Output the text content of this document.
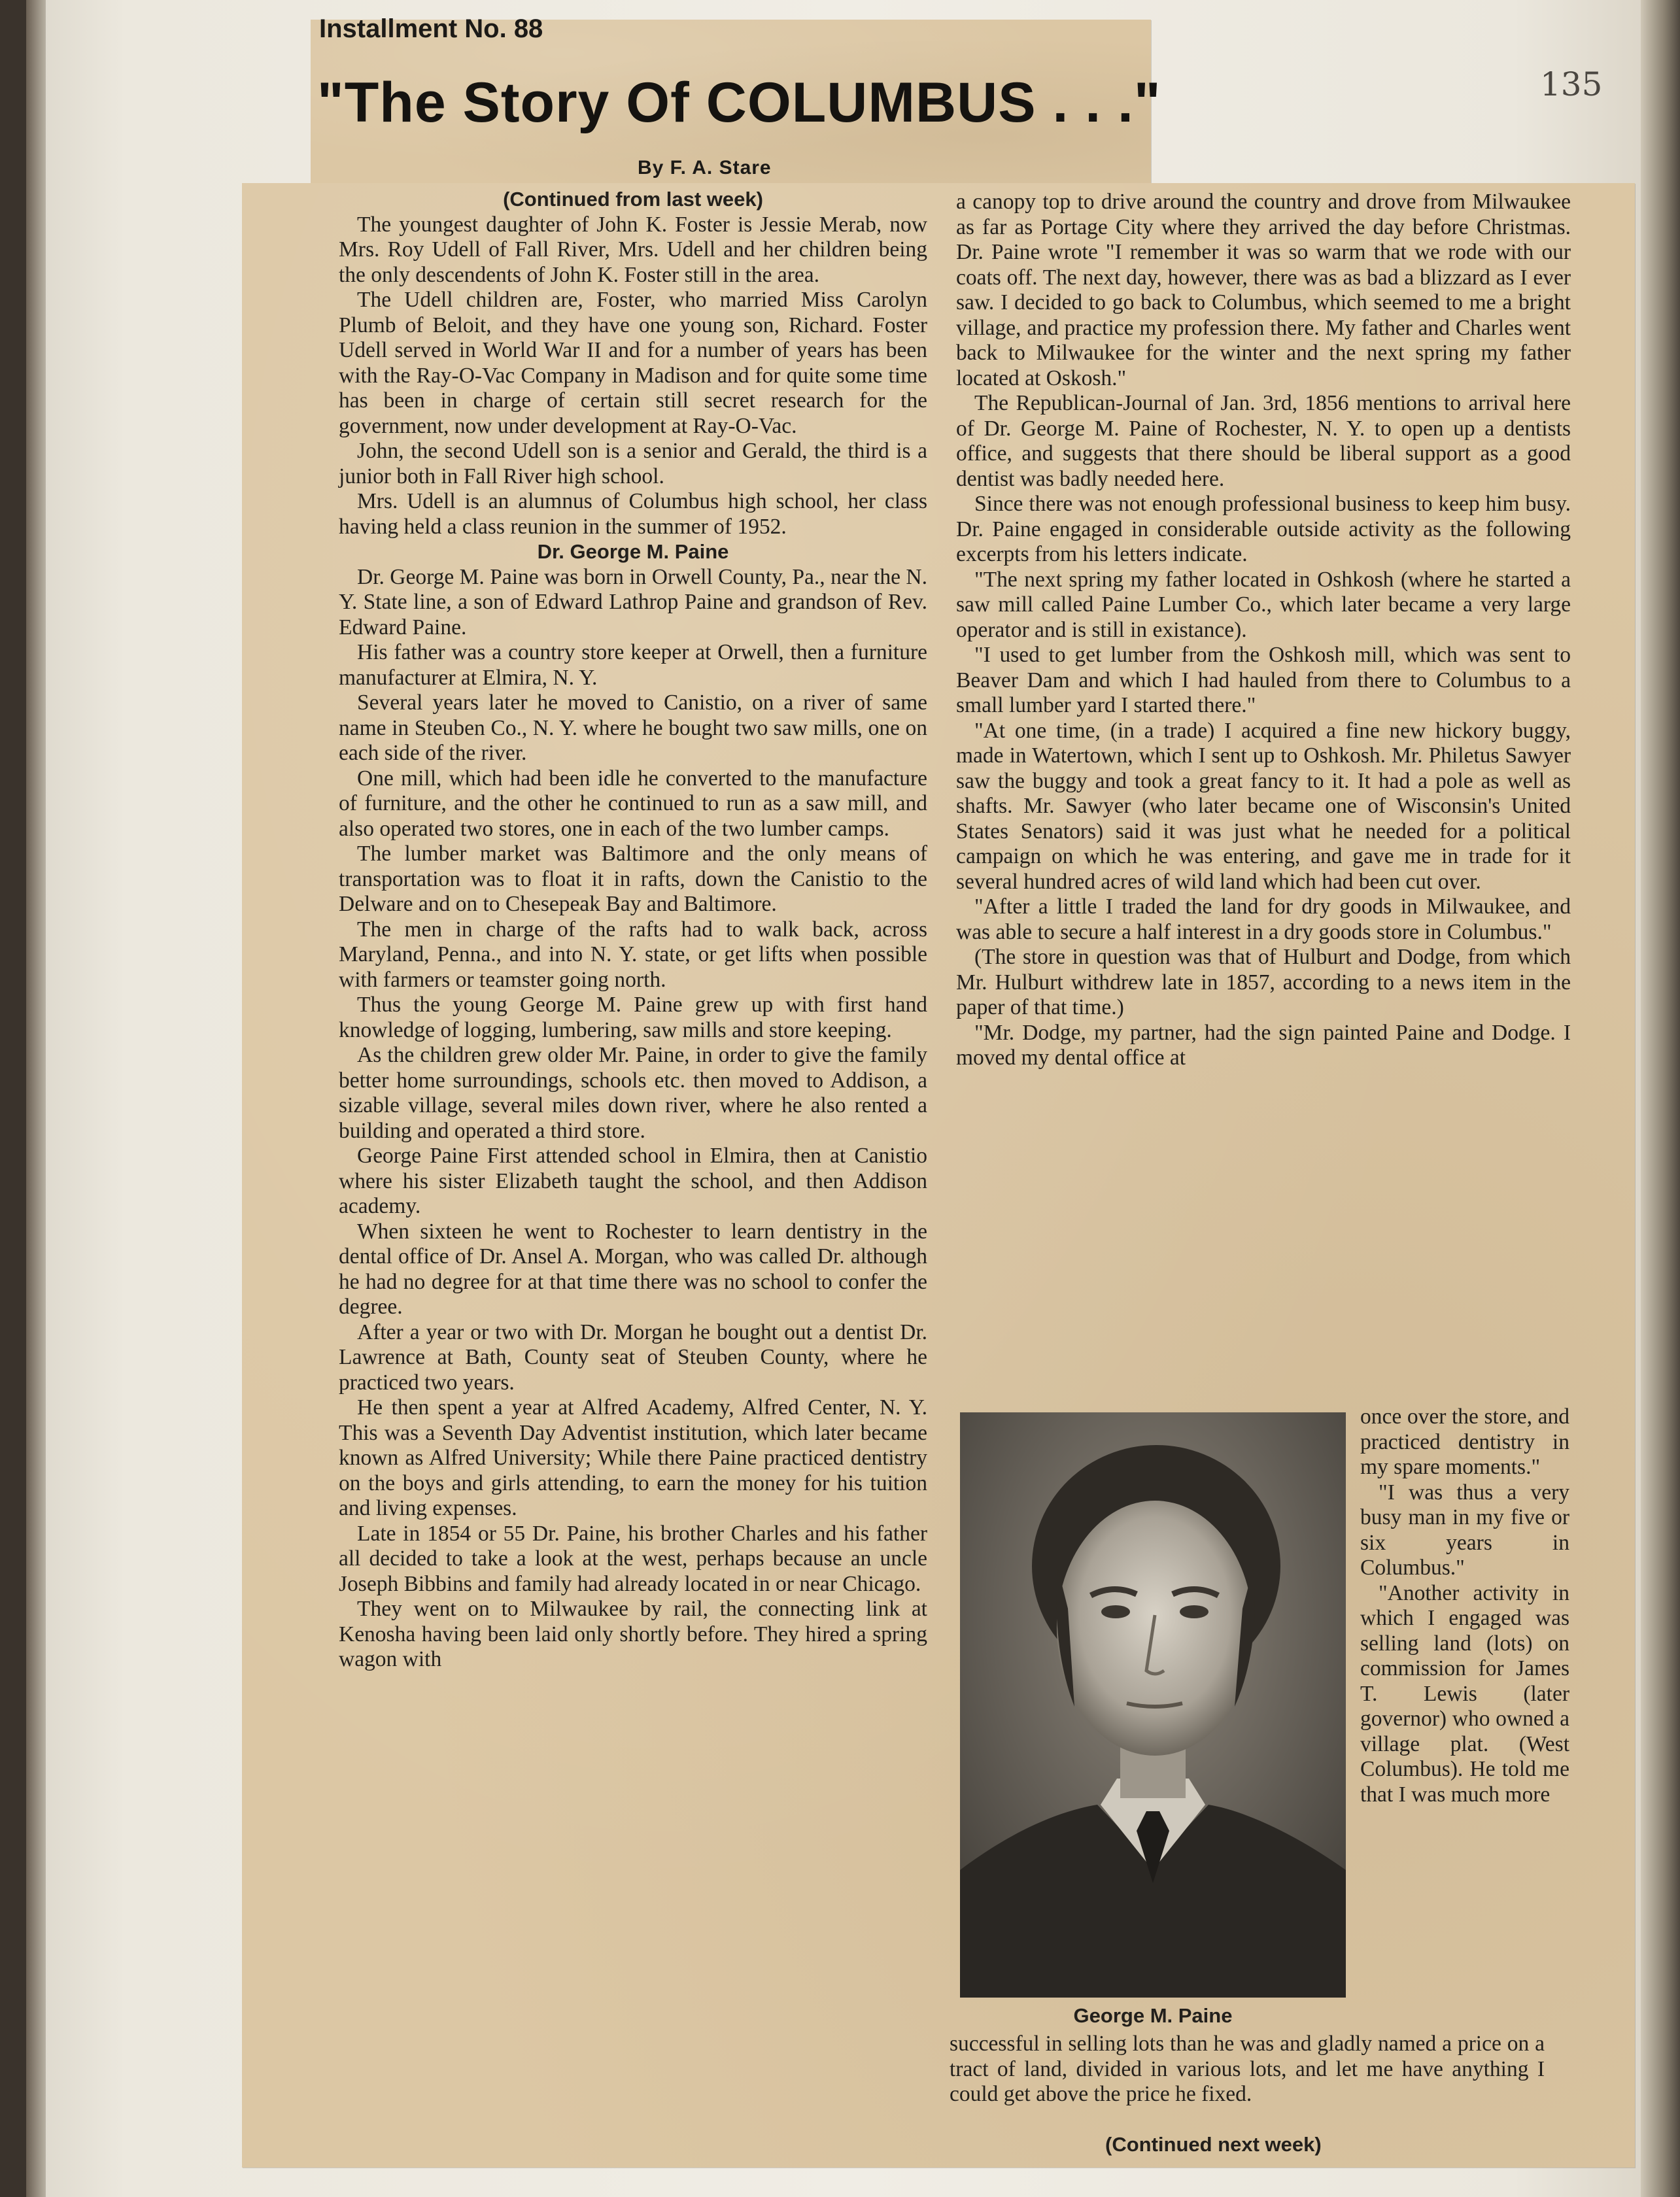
135
Installment No. 88
"The Story Of COLUMBUS . . ."
By F. A. Stare

(Continued from last week)

The youngest daughter of John K. Foster is Jessie Merab, now Mrs. Roy Udell of Fall River, Mrs. Udell and her children being the only descendents of John K. Foster still in the area.

The Udell children are, Foster, who married Miss Carolyn Plumb of Beloit, and they have one young son, Richard. Foster Udell served in World War II and for a number of years has been with the Ray-O-Vac Company in Madison and for quite some time has been in charge of certain still secret research for the government, now under development at Ray-O-Vac.

John, the second Udell son is a senior and Gerald, the third is a junior both in Fall River high school.

Mrs. Udell is an alumnus of Columbus high school, her class having held a class reunion in the summer of 1952.

Dr. George M. Paine

Dr. George M. Paine was born in Orwell County, Pa., near the N. Y. State line, a son of Edward Lathrop Paine and grandson of Rev. Edward Paine.

His father was a country store keeper at Orwell, then a furniture manufacturer at Elmira, N. Y.

Several years later he moved to Canistio, on a river of same name in Steuben Co., N. Y. where he bought two saw mills, one on each side of the river.

One mill, which had been idle he converted to the manufacture of furniture, and the other he continued to run as a saw mill, and also operated two stores, one in each of the two lumber camps.

The lumber market was Baltimore and the only means of transportation was to float it in rafts, down the Canistio to the Delware and on to Chesepeak Bay and Baltimore.

The men in charge of the rafts had to walk back, across Maryland, Penna., and into N. Y. state, or get lifts when possible with farmers or teamster going north.

Thus the young George M. Paine grew up with first hand knowledge of logging, lumbering, saw mills and store keeping.

As the children grew older Mr. Paine, in order to give the family better home surroundings, schools etc. then moved to Addison, a sizable village, several miles down river, where he also rented a building and operated a third store.

George Paine First attended school in Elmira, then at Canistio where his sister Elizabeth taught the school, and then Addison academy.

When sixteen he went to Rochester to learn dentistry in the dental office of Dr. Ansel A. Morgan, who was called Dr. although he had no degree for at that time there was no school to confer the degree.

After a year or two with Dr. Morgan he bought out a dentist Dr. Lawrence at Bath, County seat of Steuben County, where he practiced two years.

He then spent a year at Alfred Academy, Alfred Center, N. Y. This was a Seventh Day Adventist institution, which later became known as Alfred University; While there Paine practiced dentistry on the boys and girls attending, to earn the money for his tuition and living expenses.

Late in 1854 or 55 Dr. Paine, his brother Charles and his father all decided to take a look at the west, perhaps because an uncle Joseph Bibbins and family had already located in or near Chicago.

They went on to Milwaukee by rail, the connecting link at Kenosha having been laid only shortly before. They hired a spring wagon with

a canopy top to drive around the country and drove from Milwaukee as far as Portage City where they arrived the day before Christmas. Dr. Paine wrote "I remember it was so warm that we rode with our coats off. The next day, however, there was as bad a blizzard as I ever saw. I decided to go back to Columbus, which seemed to me a bright village, and practice my profession there. My father and Charles went back to Milwaukee for the winter and the next spring my father located at Oskosh."

The Republican-Journal of Jan. 3rd, 1856 mentions to arrival here of Dr. George M. Paine of Rochester, N. Y. to open up a dentists office, and suggests that there should be liberal support as a good dentist was badly needed here.

Since there was not enough professional business to keep him busy. Dr. Paine engaged in considerable outside activity as the following excerpts from his letters indicate.

"The next spring my father located in Oshkosh (where he started a saw mill called Paine Lumber Co., which later became a very large operator and is still in existance).

"I used to get lumber from the Oshkosh mill, which was sent to Beaver Dam and which I had hauled from there to Columbus to a small lumber yard I started there."

"At one time, (in a trade) I acquired a fine new hickory buggy, made in Watertown, which I sent up to Oshkosh. Mr. Philetus Sawyer saw the buggy and took a great fancy to it. It had a pole as well as shafts. Mr. Sawyer (who later became one of Wisconsin's United States Senators) said it was just what he needed for a political campaign on which he was entering, and gave me in trade for it several hundred acres of wild land which had been cut over.

"After a little I traded the land for dry goods in Milwaukee, and was able to secure a half interest in a dry goods store in Columbus."

(The store in question was that of Hulburt and Dodge, from which Mr. Hulburt withdrew late in 1857, according to a news item in the paper of that time.)

"Mr. Dodge, my partner, had the sign painted Paine and Dodge. I moved my dental office at

George M. Paine

once over the store, and practiced dentistry in my spare moments."

"I was thus a very busy man in my five or six years in Columbus."

"Another activity in which I engaged was selling land (lots) on commission for James T. Lewis (later governor) who owned a village plat. (West Columbus). He told me that I was much more

successful in selling lots than he was and gladly named a price on a tract of land, divided in various lots, and let me have anything I could get above the price he fixed.

(Continued next week)
